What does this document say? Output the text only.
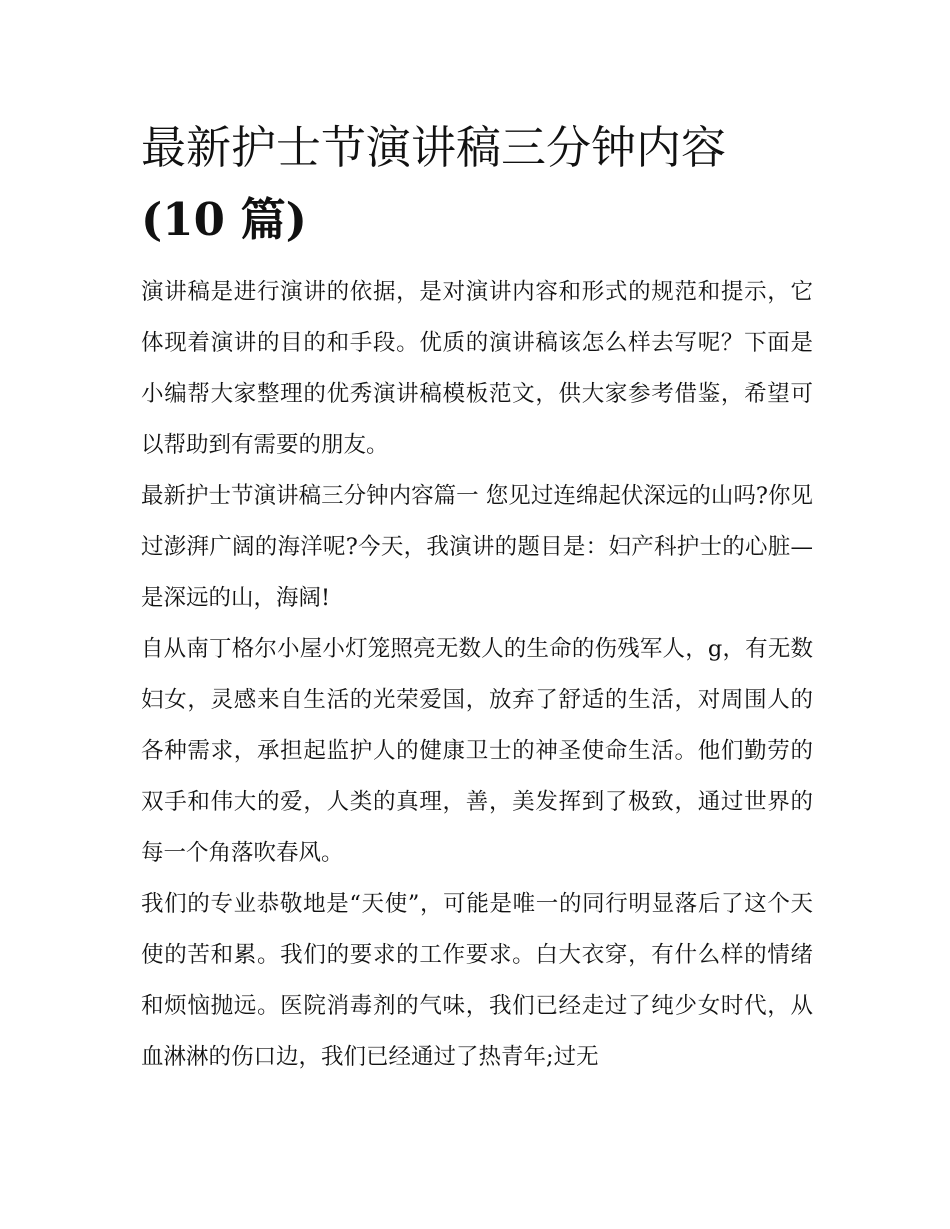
最新护士节演讲稿三分钟内容
(10 篇)

演讲稿是进行演讲的依据，是对演讲内容和形式的规范和提示，它体现着演讲的目的和手段。优质的演讲稿该怎么样去写呢？下面是小编帮大家整理的优秀演讲稿模板范文，供大家参考借鉴，希望可以帮助到有需要的朋友。

最新护士节演讲稿三分钟内容篇一 您见过连绵起伏深远的山吗?你见过澎湃广阔的海洋呢?今天，我演讲的题目是：妇产科护士的心脏—是深远的山，海阔!

自从南丁格尔小屋小灯笼照亮无数人的生命的伤残军人，g，有无数妇女，灵感来自生活的光荣爱国，放弃了舒适的生活，对周围人的各种需求，承担起监护人的健康卫士的神圣使命生活。他们勤劳的双手和伟大的爱，人类的真理，善，美发挥到了极致，通过世界的每一个角落吹春风。

我们的专业恭敬地是“天使”，可能是唯一的同行明显落后了这个天使的苦和累。我们的要求的工作要求。白大衣穿，有什么样的情绪和烦恼抛远。医院消毒剂的气味，我们已经走过了纯少女时代，从血淋淋的伤口边，我们已经通过了热青年;过无
